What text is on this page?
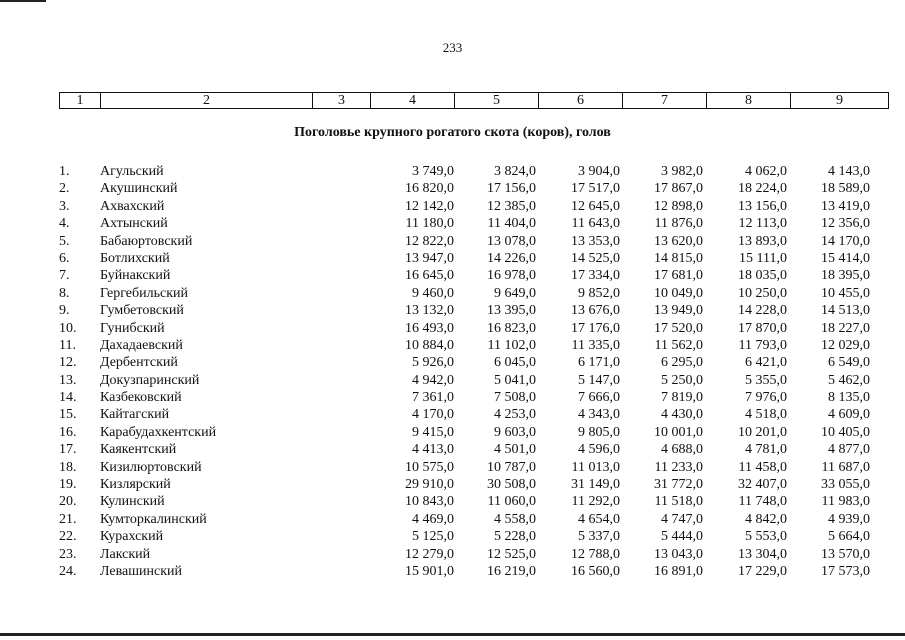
233
1	2	3	4	5	6	7	8	9
Поголовье крупного рогатого скота (коров), голов
1. Агульский	3 749,0	3 824,0	3 904,0	3 982,0	4 062,0	4 143,0
2. Акушинский	16 820,0	17 156,0	17 517,0	17 867,0	18 224,0	18 589,0
3. Ахвахский	12 142,0	12 385,0	12 645,0	12 898,0	13 156,0	13 419,0
4. Ахтынский	11 180,0	11 404,0	11 643,0	11 876,0	12 113,0	12 356,0
5. Бабаюртовский	12 822,0	13 078,0	13 353,0	13 620,0	13 893,0	14 170,0
6. Ботлихский	13 947,0	14 226,0	14 525,0	14 815,0	15 111,0	15 414,0
7. Буйнакский	16 645,0	16 978,0	17 334,0	17 681,0	18 035,0	18 395,0
8. Гергебильский	9 460,0	9 649,0	9 852,0	10 049,0	10 250,0	10 455,0
9. Гумбетовский	13 132,0	13 395,0	13 676,0	13 949,0	14 228,0	14 513,0
10. Гунибский	16 493,0	16 823,0	17 176,0	17 520,0	17 870,0	18 227,0
11. Дахадаевский	10 884,0	11 102,0	11 335,0	11 562,0	11 793,0	12 029,0
12. Дербентский	5 926,0	6 045,0	6 171,0	6 295,0	6 421,0	6 549,0
13. Докузпаринский	4 942,0	5 041,0	5 147,0	5 250,0	5 355,0	5 462,0
14. Казбековский	7 361,0	7 508,0	7 666,0	7 819,0	7 976,0	8 135,0
15. Кайтагский	4 170,0	4 253,0	4 343,0	4 430,0	4 518,0	4 609,0
16. Карабудахкентский	9 415,0	9 603,0	9 805,0	10 001,0	10 201,0	10 405,0
17. Каякентский	4 413,0	4 501,0	4 596,0	4 688,0	4 781,0	4 877,0
18. Кизилюртовский	10 575,0	10 787,0	11 013,0	11 233,0	11 458,0	11 687,0
19. Кизлярский	29 910,0	30 508,0	31 149,0	31 772,0	32 407,0	33 055,0
20. Кулинский	10 843,0	11 060,0	11 292,0	11 518,0	11 748,0	11 983,0
21. Кумторкалинский	4 469,0	4 558,0	4 654,0	4 747,0	4 842,0	4 939,0
22. Курахский	5 125,0	5 228,0	5 337,0	5 444,0	5 553,0	5 664,0
23. Лакский	12 279,0	12 525,0	12 788,0	13 043,0	13 304,0	13 570,0
24. Левашинский	15 901,0	16 219,0	16 560,0	16 891,0	17 229,0	17 573,0
